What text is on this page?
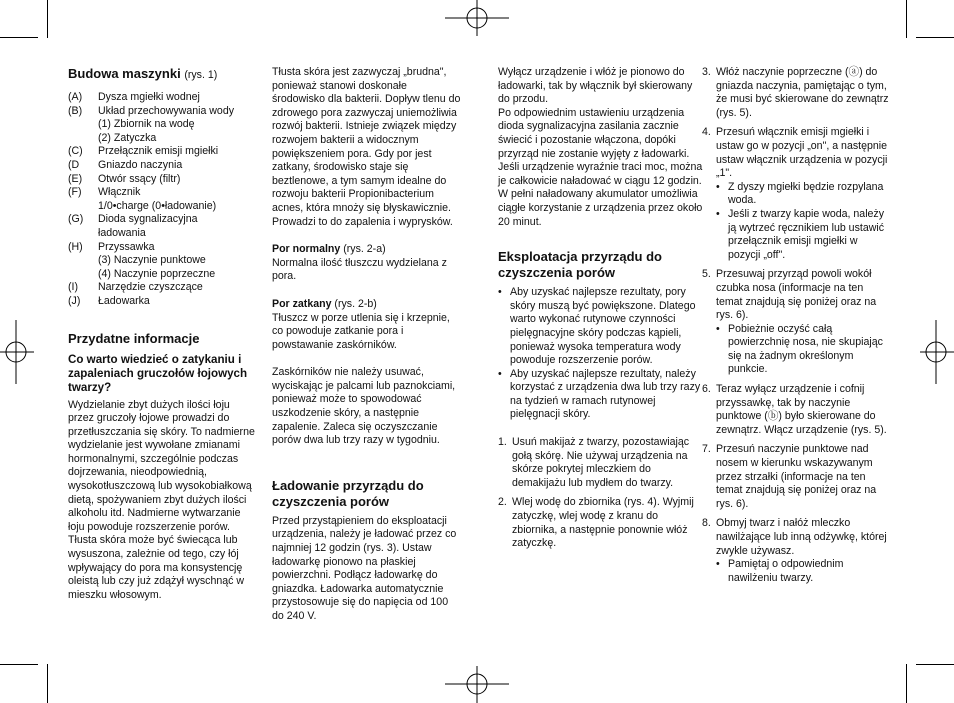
Budowa maszynki (rys. 1)
(A)	Dysza mgiełki wodnej
(B)	Układ przechowywania wody
(1) Zbiornik na wodę
(2) Zatyczka
(C)	Przełącznik emisji mgiełki
(D	Gniazdo naczynia
(E)	Otwór ssący (filtr)
(F)	Włącznik
1/0•charge (0•ładowanie)
(G)	Dioda sygnalizacyjna
ładowania
(H)	Przyssawka
(3) Naczynie punktowe
(4) Naczynie poprzeczne
(I)	Narzędzie czyszczące
(J)	Ładowarka
Przydatne informacje
Co warto wiedzieć o zatykaniu i zapaleniach gruczołów łojowych twarzy?

Wydzielanie zbyt dużych ilości łoju przez gruczoły łojowe prowadzi do przetłuszczania się skóry. To nadmierne wydzielanie jest wywołane zmianami hormonalnymi, szczególnie podczas dojrzewania, nieodpowiednią, wysokotłuszczową lub wysokobiałkową dietą, spożywaniem zbyt dużych ilości alkoholu itd. Nadmierne wytwarzanie łoju powoduje rozszerzenie porów. Tłusta skóra może być świecąca lub wysuszona, zależnie od tego, czy łój wpływający do pora ma konsystencję oleistą lub czy już zdążył wyschnąć w mieszku włosowym.

Tłusta skóra jest zazwyczaj „brudna", ponieważ stanowi doskonałe środowisko dla bakterii. Dopływ tlenu do zdrowego pora zazwyczaj uniemożliwia rozwój bakterii. Istnieje związek między rozwojem bakterii a widocznym powiększeniem pora. Gdy por jest zatkany, środowisko staje się beztlenowe, a tym samym idealne do rozwoju bakterii Propionibacterium acnes, która mnoży się błyskawicznie. Prowadzi to do zapalenia i wyprysków.

Por normalny (rys. 2-a)
Normalna ilość tłuszczu wydzielana z pora.

Por zatkany (rys. 2-b)
Tłuszcz w porze utlenia się i krzepnie, co powoduje zatkanie pora i powstawanie zaskórników.

Zaskórników nie należy usuwać, wyciskając je palcami lub paznokciami, ponieważ może to spowodować uszkodzenie skóry, a następnie zapalenie. Zaleca się oczyszczanie porów dwa lub trzy razy w tygodniu.

Ładowanie przyrządu do czyszczenia porów

Przed przystąpieniem do eksploatacji urządzenia, należy je ładować przez co najmniej 12 godzin (rys. 3). Ustaw ładowarkę pionowo na płaskiej powierzchni. Podłącz ładowarkę do gniazdka. Ładowarka automatycznie przystosowuje się do napięcia od 100 do 240 V.

Wyłącz urządzenie i włóż je pionowo do ładowarki, tak by włącznik był skierowany do przodu.

Po odpowiednim ustawieniu urządzenia dioda sygnalizacyjna zasilania zacznie świecić i pozostanie włączona, dopóki przyrząd nie zostanie wyjęty z ładowarki. Jeśli urządzenie wyraźnie traci moc, można je całkowicie naładować w ciągu 12 godzin.

W pełni naładowany akumulator umożliwia ciągłe korzystanie z urządzenia przez około 20 minut.

Eksploatacja przyrządu do czyszczenia porów
• Aby uzyskać najlepsze rezultaty, pory skóry muszą być powiększone. Dlatego warto wykonać rutynowe czynności pielęgnacyjne skóry podczas kąpieli, ponieważ wysoka temperatura wody powoduje rozszerzenie porów.
• Aby uzyskać najlepsze rezultaty, należy korzystać z urządzenia dwa lub trzy razy na tydzień w ramach rutynowej pielęgnacji skóry.
1. Usuń makijaż z twarzy, pozostawiając gołą skórę. Nie używaj urządzenia na skórze pokrytej mleczkiem do demakijażu lub mydłem do twarzy.
2. Wlej wodę do zbiornika (rys. 4). Wyjmij zatyczkę, wlej wodę z kranu do zbiornika, a następnie ponownie włóż zatyczkę.
3. Włóż naczynie poprzeczne (ⓐ) do gniazda naczynia, pamiętając o tym, że musi być skierowane do zewnątrz (rys. 5).
4. Przesuń włącznik emisji mgiełki i ustaw go w pozycji „on", a następnie ustaw włącznik urządzenia w pozycji „1".
• Z dyszy mgiełki będzie rozpylana woda.
• Jeśli z twarzy kapie woda, należy ją wytrzeć ręcznikiem lub ustawić przełącznik emisji mgiełki w pozycji „off".
5. Przesuwaj przyrząd powoli wokół czubka nosa (informacje na ten temat znajdują się poniżej oraz na rys. 6).
• Pobieżnie oczyść całą powierzchnię nosa, nie skupiając się na żadnym określonym punkcie.
6. Teraz wyłącz urządzenie i cofnij przyssawkę, tak by naczynie punktowe (ⓑ) było skierowane do zewnątrz. Włącz urządzenie (rys. 5).
7. Przesuń naczynie punktowe nad nosem w kierunku wskazywanym przez strzałki (informacje na ten temat znajdują się poniżej oraz na rys. 6).
8. Obmyj twarz i nałóż mleczko nawilżające lub inną odżywkę, której zwykle używasz.
• Pamiętaj o odpowiednim nawilżeniu twarzy.
